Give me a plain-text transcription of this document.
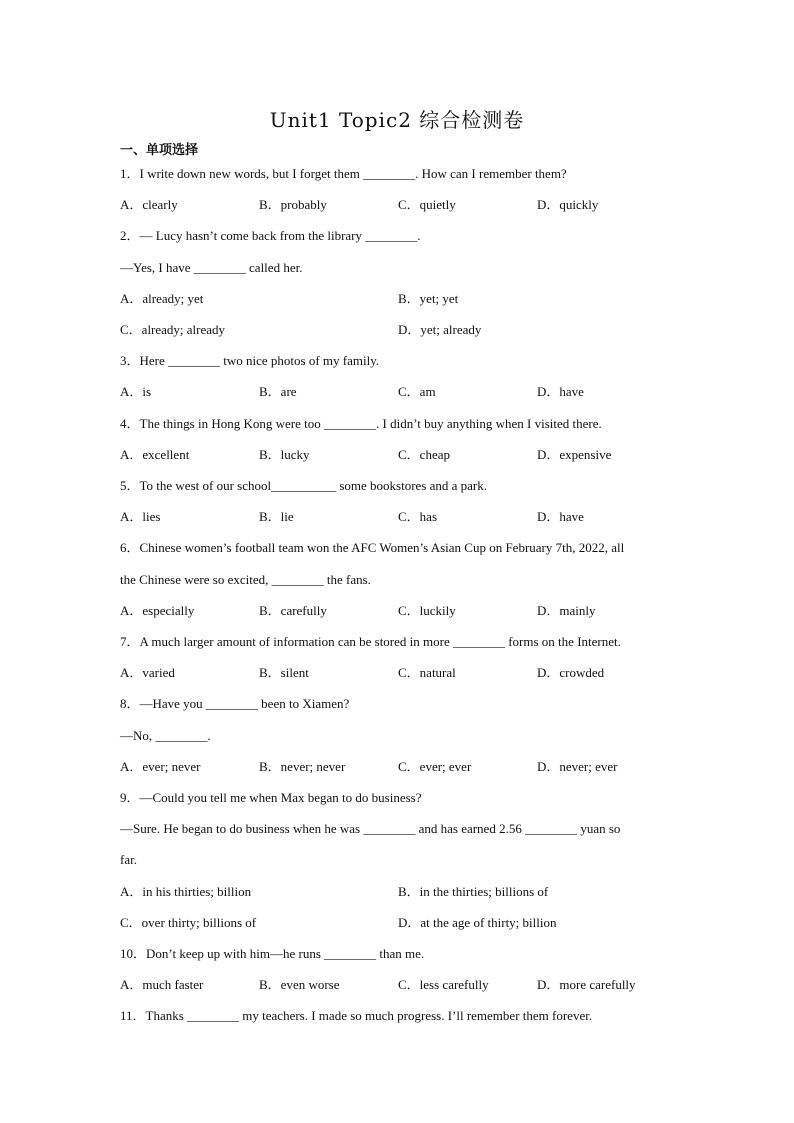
Unit1 Topic2 综合检测卷
一、单项选择
1．I write down new words, but I forget them ________. How can I remember them?
A．clearly	B．probably	C．quietly	D．quickly
2．— Lucy hasn’t come back from the library ________.
—Yes, I have ________ called her.
A．already; yet	B．yet; yet
C．already; already	D．yet; already
3．Here ________ two nice photos of my family.
A．is	B．are	C．am	D．have
4．The things in Hong Kong were too ________. I didn’t buy anything when I visited there.
A．excellent	B．lucky	C．cheap	D．expensive
5．To the west of our school__________ some bookstores and a park.
A．lies	B．lie	C．has	D．have
6．Chinese women’s football team won the AFC Women’s Asian Cup on February 7th, 2022, all
the Chinese were so excited, ________ the fans.
A．especially	B．carefully	C．luckily	D．mainly
7．A much larger amount of information can be stored in more ________ forms on the Internet.
A．varied	B．silent	C．natural	D．crowded
8．—Have you ________ been to Xiamen?
—No, ________.
A．ever; never	B．never; never	C．ever; ever	D．never; ever
9．—Could you tell me when Max began to do business?
—Sure. He began to do business when he was ________ and has earned 2.56 ________ yuan so
far.
A．in his thirties; billion	B．in the thirties; billions of
C．over thirty; billions of	D．at the age of thirty; billion
10．Don’t keep up with him—he runs ________ than me.
A．much faster	B．even worse	C．less carefully	D．more carefully
11．Thanks ________ my teachers. I made so much progress. I’ll remember them forever.
